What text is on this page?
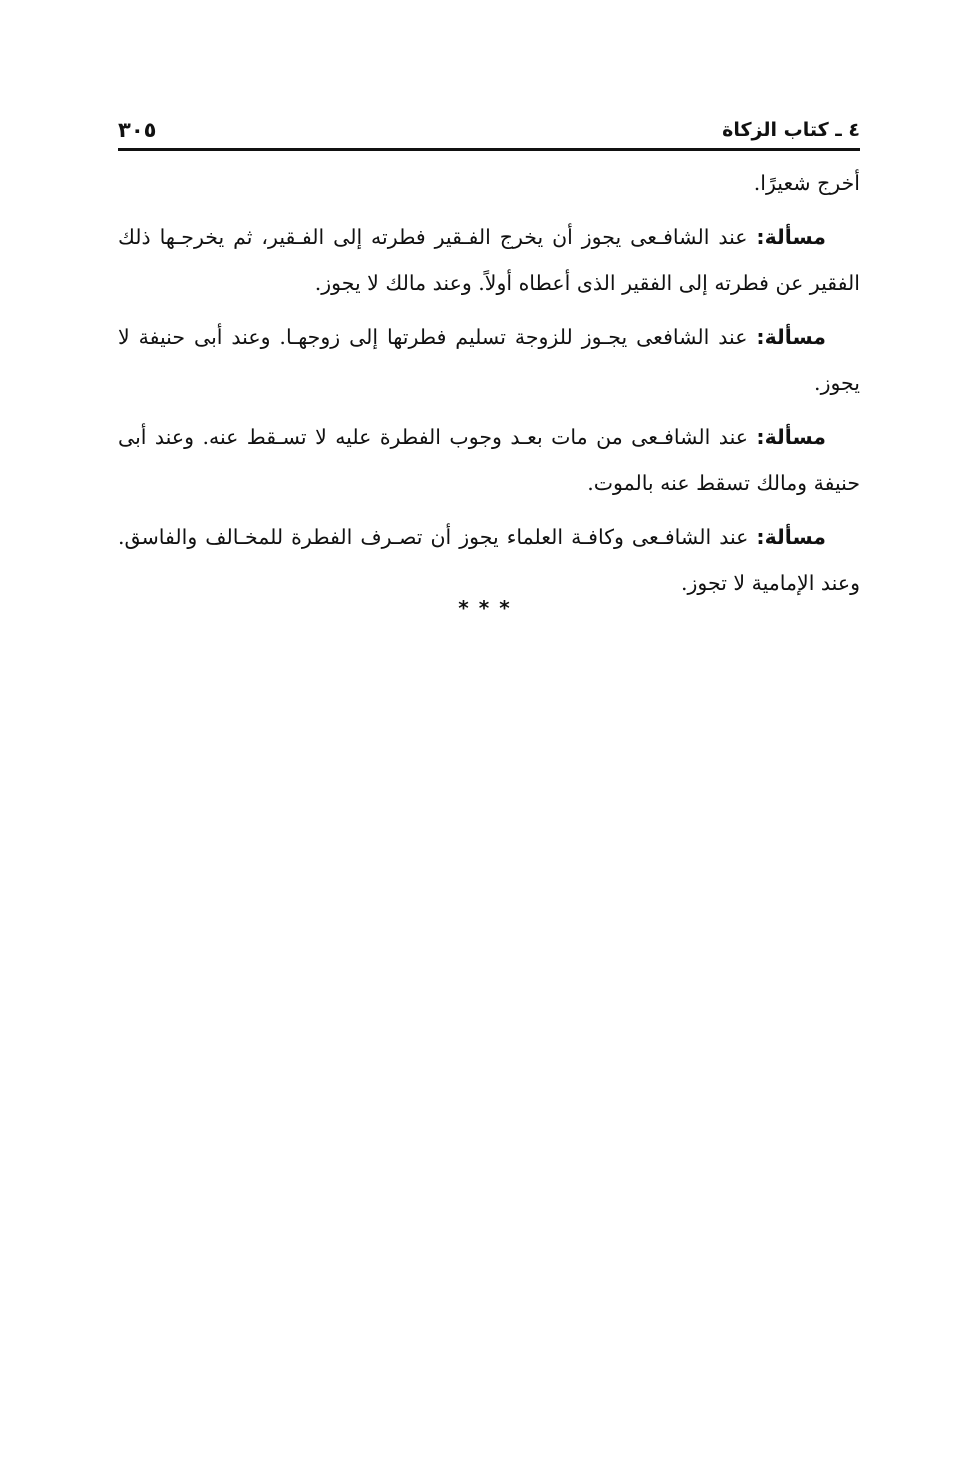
٤ ـ كتاب الزكاة
٣٠٥

أخرج شعيرًا.

مسألة: عند الشافـعى يجوز أن يخرج الفـقير فطرته إلى الفـقير، ثم يخرجـها ذلك الفقير عن فطرته إلى الفقير الذى أعطاه أولاً. وعند مالك لا يجوز.

مسألة: عند الشافعى يجـوز للزوجة تسليم فطرتها إلى زوجهـا. وعند أبى حنيفة لا يجوز.

مسألة: عند الشافـعى من مات بعـد وجوب الفطرة عليه لا تسـقط عنه. وعند أبى حنيفة ومالك تسقط عنه بالموت.

مسألة: عند الشافـعى وكافـة العلماء يجوز أن تصـرف الفطرة للمخـالف والفاسق. وعند الإمامية لا تجوز.

***
